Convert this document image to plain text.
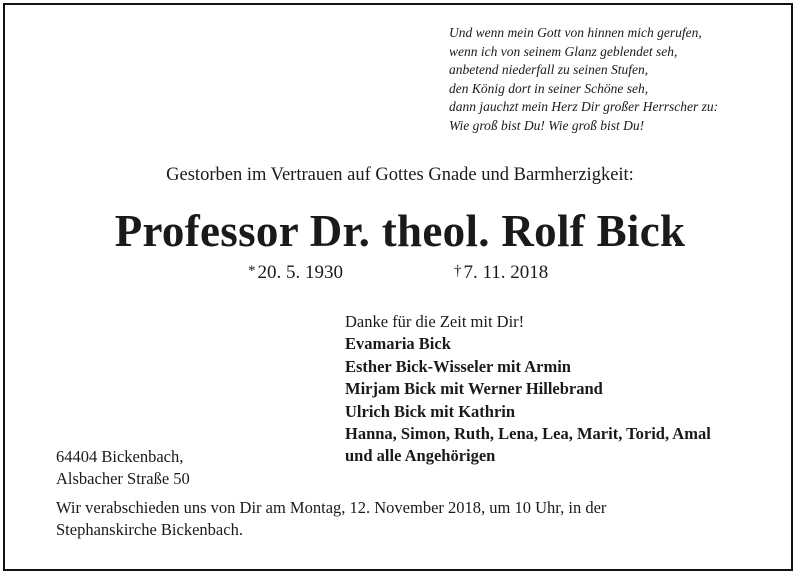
Und wenn mein Gott von hinnen mich gerufen,
wenn ich von seinem Glanz geblendet seh,
anbetend niederfall zu seinen Stufen,
den König dort in seiner Schöne seh,
dann jauchzt mein Herz Dir großer Herrscher zu:
Wie groß bist Du! Wie groß bist Du!
Gestorben im Vertrauen auf Gottes Gnade und Barmherzigkeit:
Professor Dr. theol. Rolf Bick
* 20. 5. 1930	† 7. 11. 2018
Danke für die Zeit mit Dir!
Evamaria Bick
Esther Bick-Wisseler mit Armin
Mirjam Bick mit Werner Hillebrand
Ulrich Bick mit Kathrin
Hanna, Simon, Ruth, Lena, Lea, Marit, Torid, Amal
und alle Angehörigen
64404 Bickenbach,
Alsbacher Straße 50
Wir verabschieden uns von Dir am Montag, 12. November 2018, um 10 Uhr, in der
Stephanskirche Bickenbach.
